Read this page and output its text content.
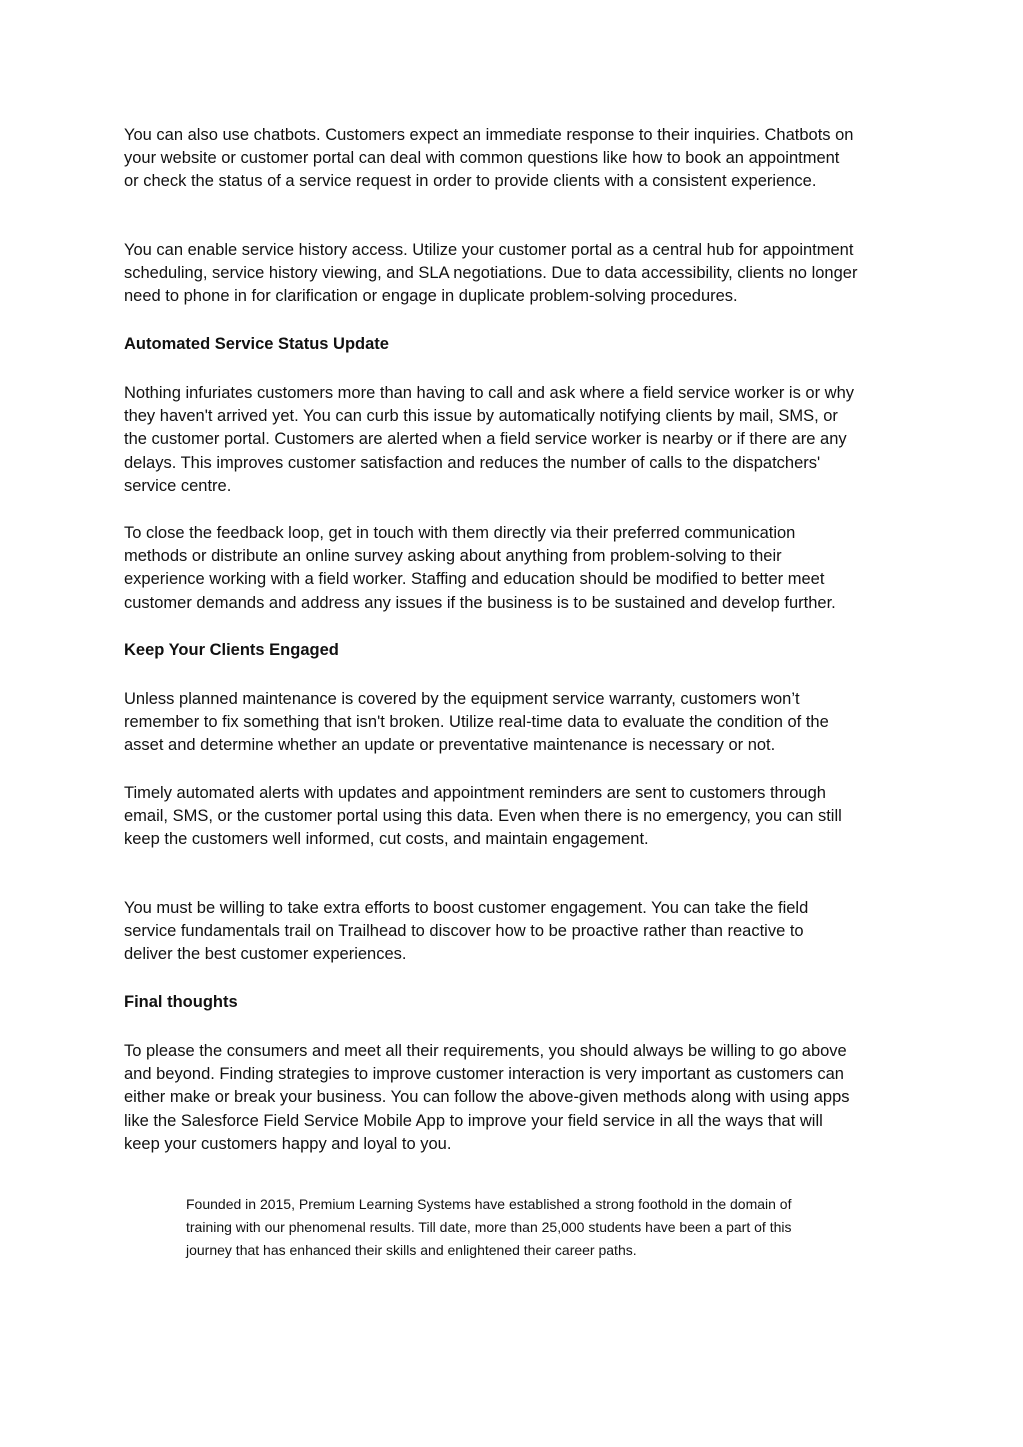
You can also use chatbots. Customers expect an immediate response to their inquiries. Chatbots on
your website or customer portal can deal with common questions like how to book an appointment
or check the status of a service request in order to provide clients with a consistent experience.

You can enable service history access. Utilize your customer portal as a central hub for appointment
scheduling, service history viewing, and SLA negotiations. Due to data accessibility, clients no longer
need to phone in for clarification or engage in duplicate problem-solving procedures.

Automated Service Status Update

Nothing infuriates customers more than having to call and ask where a field service worker is or why
they haven't arrived yet. You can curb this issue by automatically notifying clients by mail, SMS, or
the customer portal. Customers are alerted when a field service worker is nearby or if there are any
delays. This improves customer satisfaction and reduces the number of calls to the dispatchers'
service centre.

To close the feedback loop, get in touch with them directly via their preferred communication
methods or distribute an online survey asking about anything from problem-solving to their
experience working with a field worker. Staffing and education should be modified to better meet
customer demands and address any issues if the business is to be sustained and develop further.

Keep Your Clients Engaged

Unless planned maintenance is covered by the equipment service warranty, customers won’t
remember to fix something that isn't broken. Utilize real-time data to evaluate the condition of the
asset and determine whether an update or preventative maintenance is necessary or not.

Timely automated alerts with updates and appointment reminders are sent to customers through
email, SMS, or the customer portal using this data. Even when there is no emergency, you can still
keep the customers well informed, cut costs, and maintain engagement.

You must be willing to take extra efforts to boost customer engagement. You can take the field
service fundamentals trail on Trailhead to discover how to be proactive rather than reactive to
deliver the best customer experiences.

Final thoughts

To please the consumers and meet all their requirements, you should always be willing to go above
and beyond. Finding strategies to improve customer interaction is very important as customers can
either make or break your business. You can follow the above-given methods along with using apps
like the Salesforce Field Service Mobile App to improve your field service in all the ways that will
keep your customers happy and loyal to you.

Founded in 2015, Premium Learning Systems have established a strong foothold in the domain of
training with our phenomenal results. Till date, more than 25,000 students have been a part of this
journey that has enhanced their skills and enlightened their career paths.
